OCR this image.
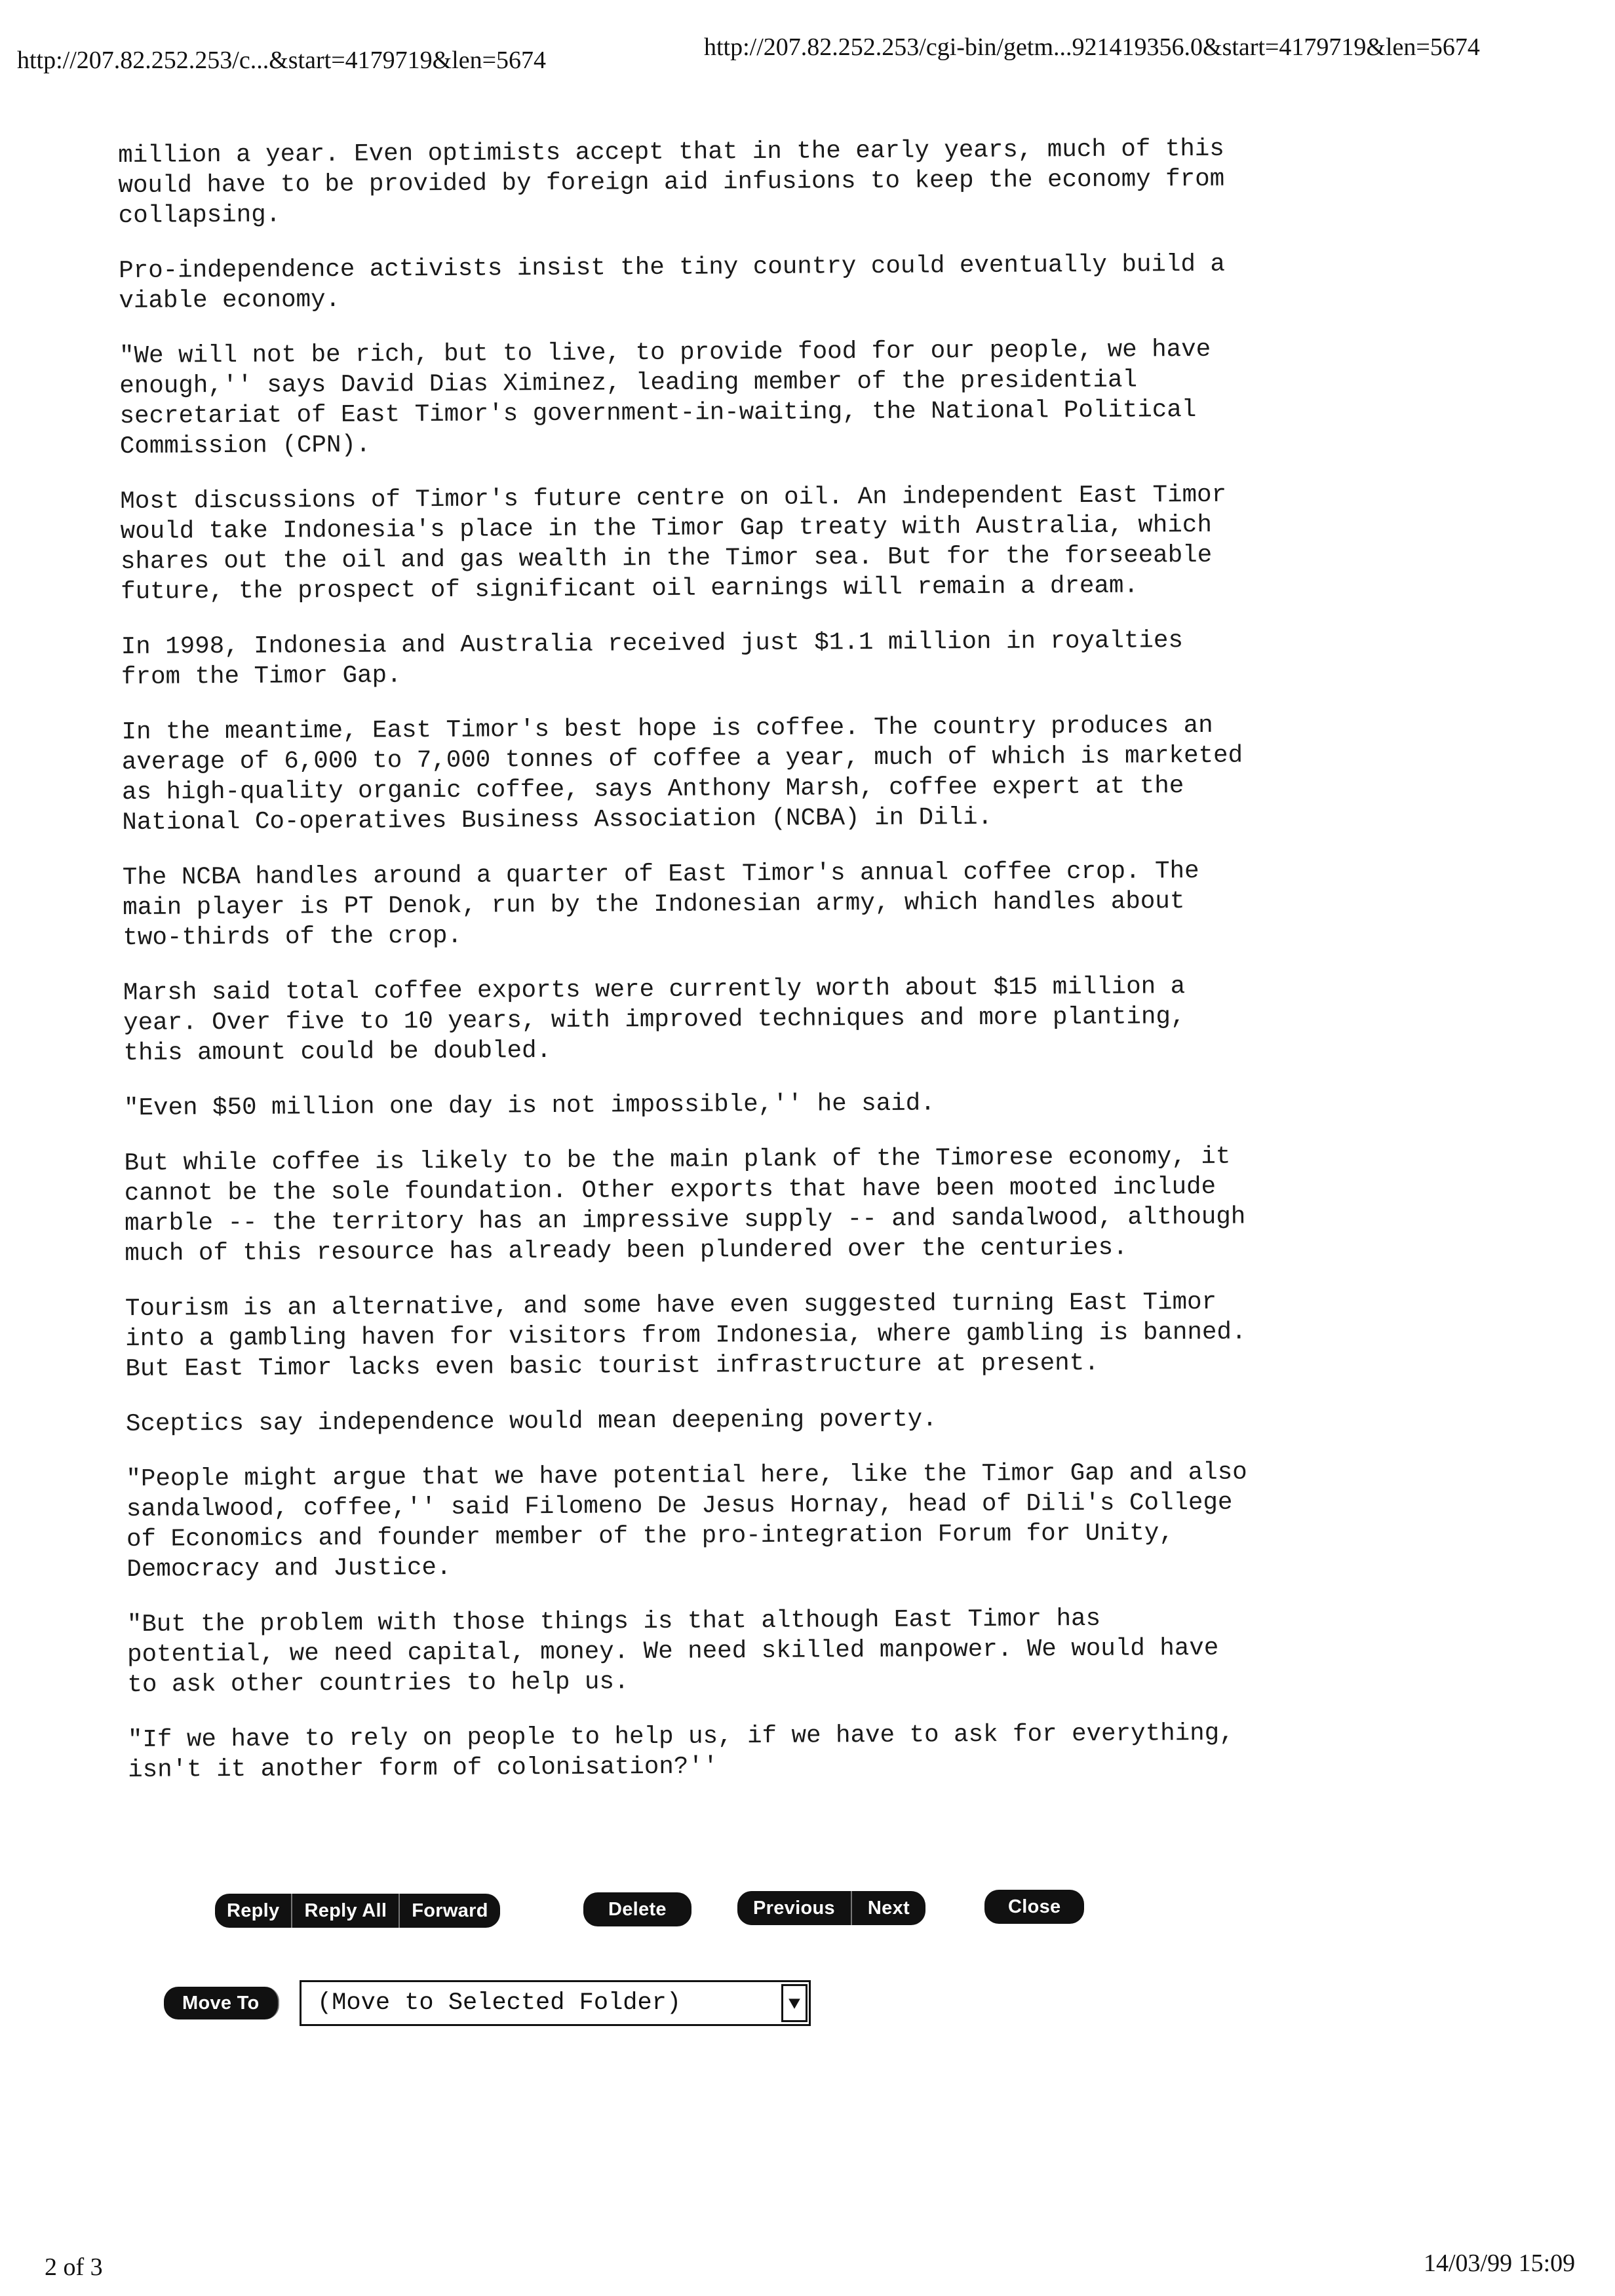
http://207.82.252.253/c...&start=4179719&len=5674	http://207.82.252.253/cgi-bin/getm...921419356.0&start=4179719&len=5674

million a year. Even optimists accept that in the early years, much of this
would have to be provided by foreign aid infusions to keep the economy from
collapsing.

Pro-independence activists insist the tiny country could eventually build a
viable economy.

"We will not be rich, but to live, to provide food for our people, we have
enough,'' says David Dias Ximinez, leading member of the presidential
secretariat of East Timor's government-in-waiting, the National Political
Commission (CPN).

Most discussions of Timor's future centre on oil. An independent East Timor
would take Indonesia's place in the Timor Gap treaty with Australia, which
shares out the oil and gas wealth in the Timor sea. But for the forseeable
future, the prospect of significant oil earnings will remain a dream.

In 1998, Indonesia and Australia received just $1.1 million in royalties
from the Timor Gap.

In the meantime, East Timor's best hope is coffee. The country produces an
average of 6,000 to 7,000 tonnes of coffee a year, much of which is marketed
as high-quality organic coffee, says Anthony Marsh, coffee expert at the
National Co-operatives Business Association (NCBA) in Dili.

The NCBA handles around a quarter of East Timor's annual coffee crop. The
main player is PT Denok, run by the Indonesian army, which handles about
two-thirds of the crop.

Marsh said total coffee exports were currently worth about $15 million a
year. Over five to 10 years, with improved techniques and more planting,
this amount could be doubled.

"Even $50 million one day is not impossible,'' he said.

But while coffee is likely to be the main plank of the Timorese economy, it
cannot be the sole foundation. Other exports that have been mooted include
marble -- the territory has an impressive supply -- and sandalwood, although
much of this resource has already been plundered over the centuries.

Tourism is an alternative, and some have even suggested turning East Timor
into a gambling haven for visitors from Indonesia, where gambling is banned.
But East Timor lacks even basic tourist infrastructure at present.

Sceptics say independence would mean deepening poverty.

"People might argue that we have potential here, like the Timor Gap and also
sandalwood, coffee,'' said Filomeno De Jesus Hornay, head of Dili's College
of Economics and founder member of the pro-integration Forum for Unity,
Democracy and Justice.

"But the problem with those things is that although East Timor has
potential, we need capital, money. We need skilled manpower. We would have
to ask other countries to help us.

"If we have to rely on people to help us, if we have to ask for everything,
isn't it another form of colonisation?''

Reply	Reply All	Forward	Delete	Previous	Next	Close
Move To	(Move to Selected Folder)
2 of 3	14/03/99 15:09
